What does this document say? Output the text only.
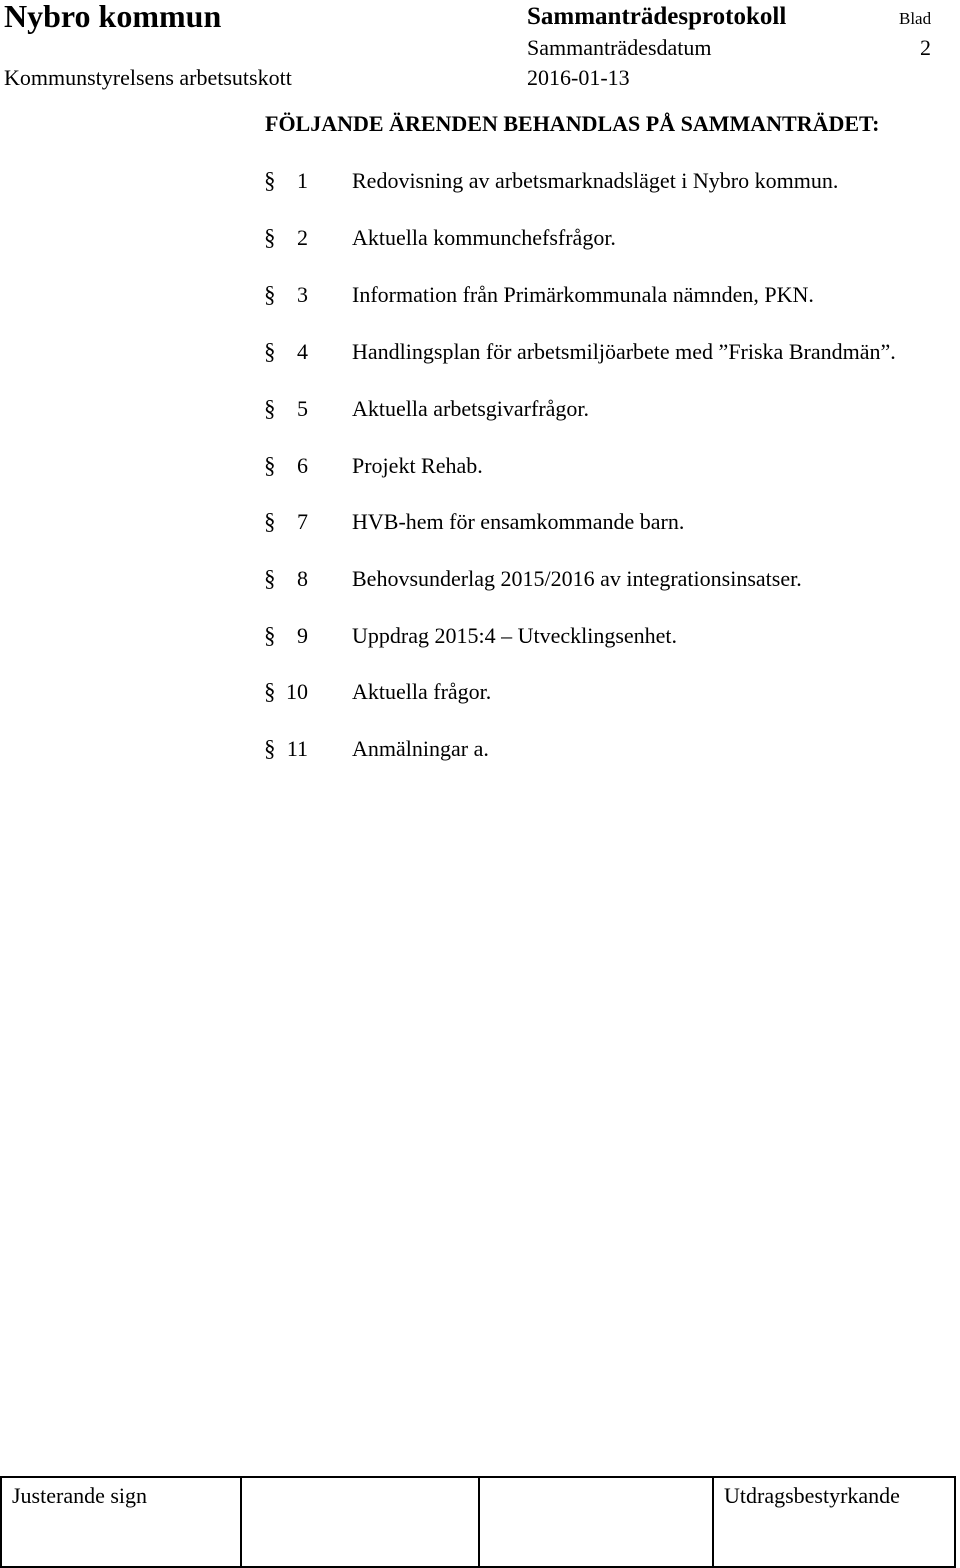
Nybro kommun	Sammanträdesprotokoll	Blad
Sammanträdesdatum	2
Kommunstyrelsens arbetsutskott	2016-01-13
FÖLJANDE ÄRENDEN BEHANDLAS PÅ SAMMANTRÄDET:
§ 1 Redovisning av arbetsmarknadsläget i Nybro kommun.
§ 2 Aktuella kommunchefsfrågor.
§ 3 Information från Primärkommunala nämnden, PKN.
§ 4 Handlingsplan för arbetsmiljöarbete med ”Friska Brandmän”.
§ 5 Aktuella arbetsgivarfrågor.
§ 6 Projekt Rehab.
§ 7 HVB-hem för ensamkommande barn.
§ 8 Behovsunderlag 2015/2016 av integrationsinsatser.
§ 9 Uppdrag 2015:4 – Utvecklingsenhet.
§ 10 Aktuella frågor.
§ 11 Anmälningar a.
Justerande sign	Utdragsbestyrkande
